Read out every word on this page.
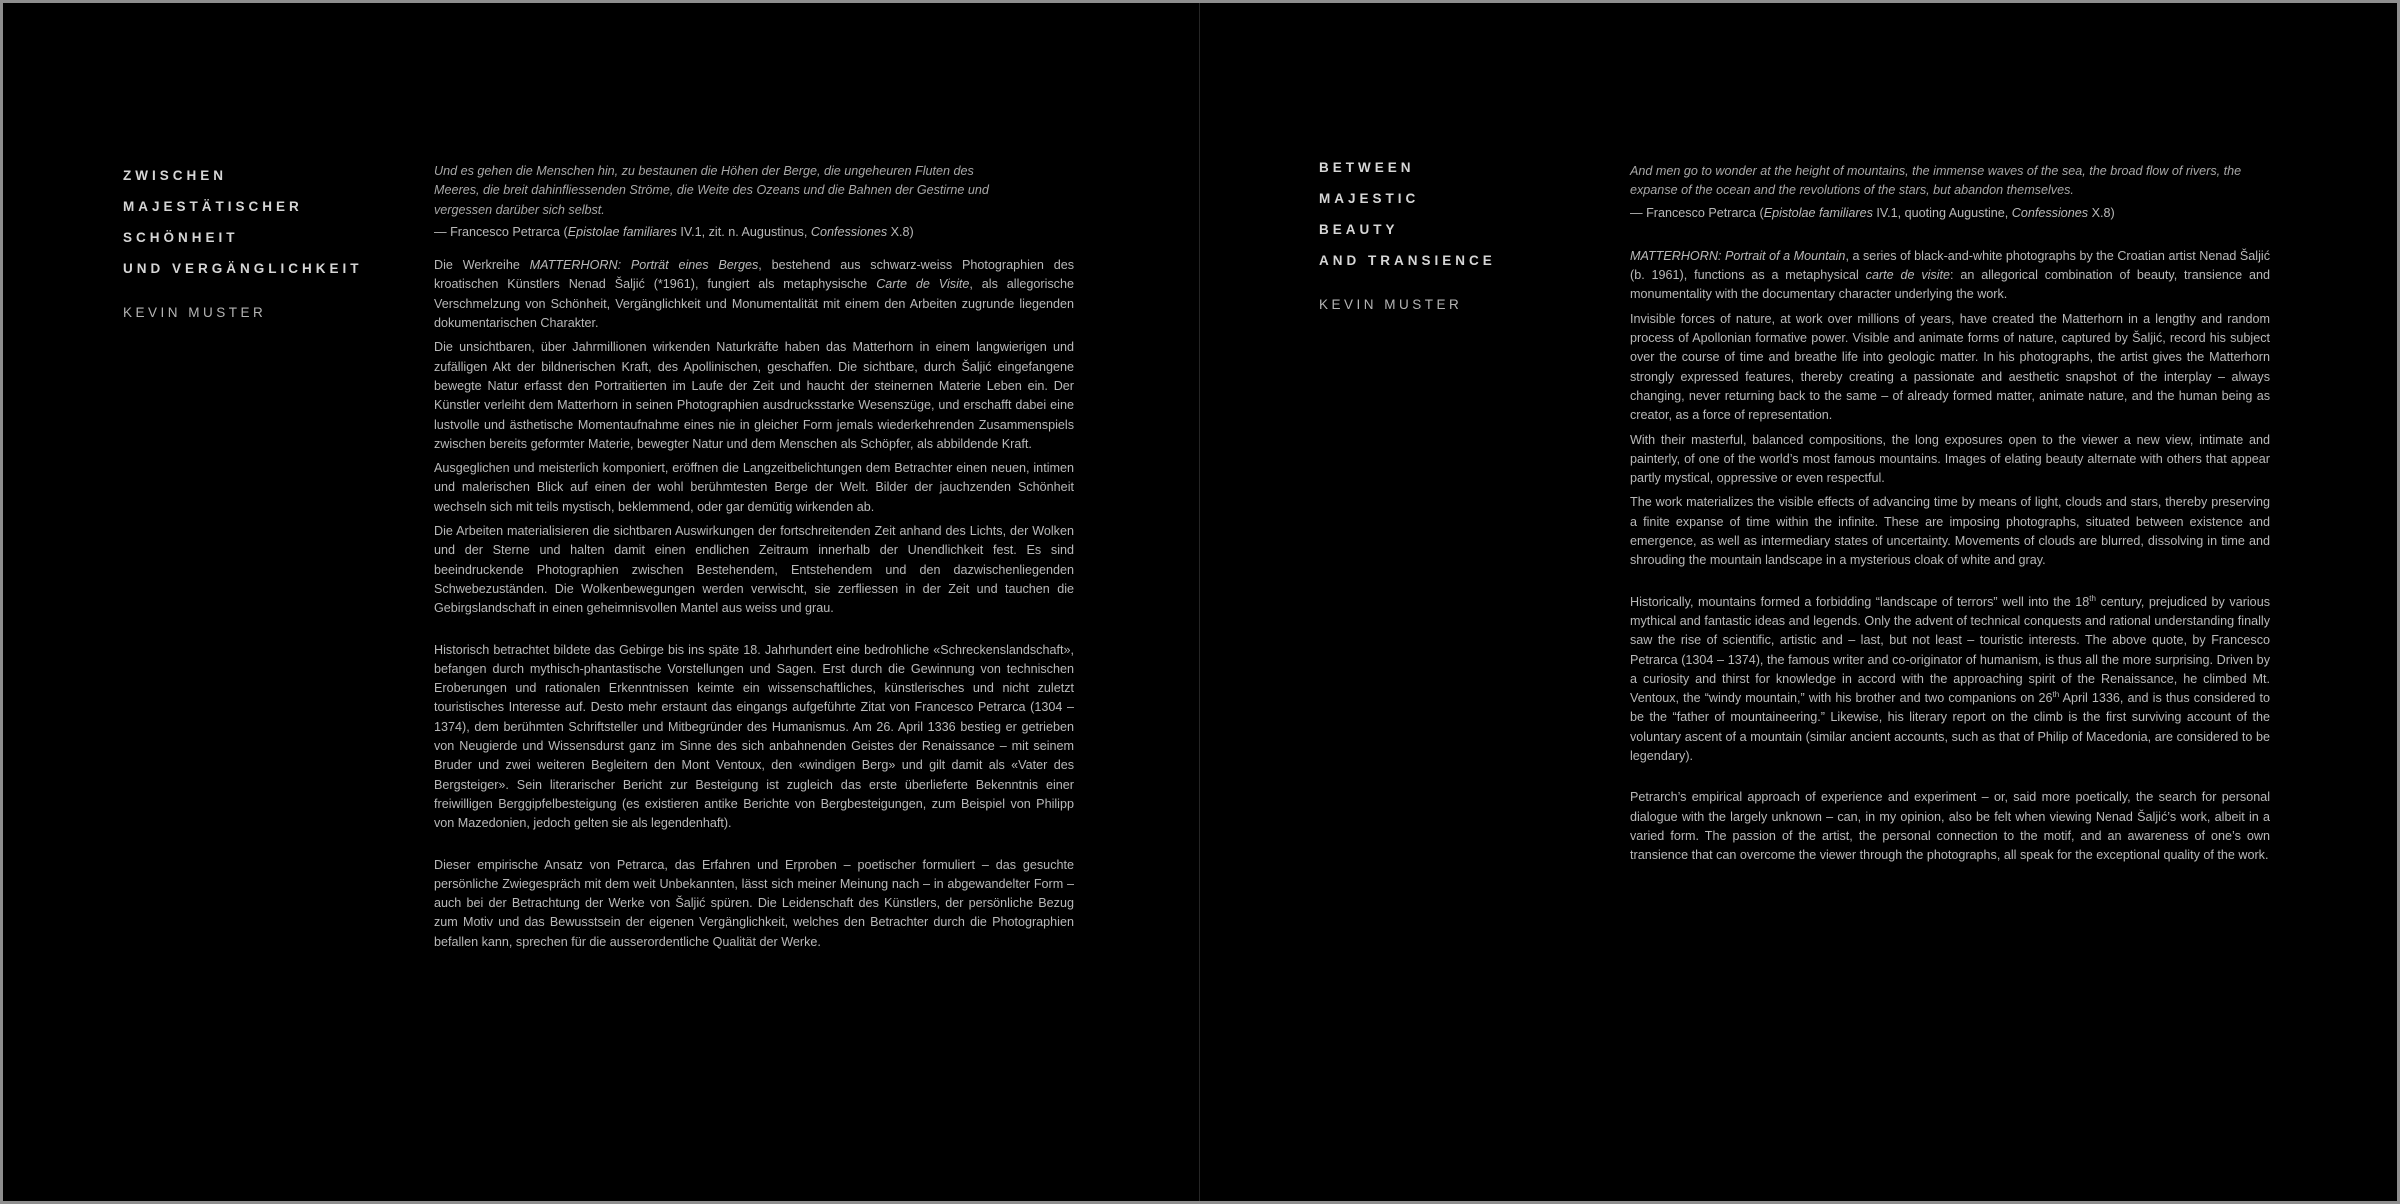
ZWISCHEN
MAJESTÄTISCHER
SCHÖNHEIT
UND VERGÄNGLICHKEIT
KEVIN MUSTER

Und es gehen die Menschen hin, zu bestaunen die Höhen der Berge, die ungeheuren Fluten des Meeres, die breit dahinfliessenden Ströme, die Weite des Ozeans und die Bahnen der Gestirne und vergessen darüber sich selbst.

— Francesco Petrarca (Epistolae familiares IV.1, zit. n. Augustinus, Confessiones X.8)

Die Werkreihe MATTERHORN: Porträt eines Berges, bestehend aus schwarz-weiss Photographien des kroatischen Künstlers Nenad Šaljić (*1961), fungiert als metaphysische Carte de Visite, als allegorische Verschmelzung von Schönheit, Vergänglichkeit und Monumentalität mit einem den Arbeiten zugrunde liegenden dokumentarischen Charakter.

Die unsichtbaren, über Jahrmillionen wirkenden Naturkräfte haben das Matterhorn in einem langwierigen und zufälligen Akt der bildnerischen Kraft, des Apollinischen, geschaffen. Die sichtbare, durch Šaljić eingefangene bewegte Natur erfasst den Portraitierten im Laufe der Zeit und haucht der steinernen Materie Leben ein. Der Künstler verleiht dem Matterhorn in seinen Photographien ausdrucksstarke Wesenszüge, und erschafft dabei eine lustvolle und ästhetische Momentaufnahme eines nie in gleicher Form jemals wiederkehrenden Zusammenspiels zwischen bereits geformter Materie, bewegter Natur und dem Menschen als Schöpfer, als abbildende Kraft.

Ausgeglichen und meisterlich komponiert, eröffnen die Langzeitbelichtungen dem Betrachter einen neuen, intimen und malerischen Blick auf einen der wohl berühmtesten Berge der Welt. Bilder der jauchzenden Schönheit wechseln sich mit teils mystisch, beklemmend, oder gar demütig wirkenden ab.

Die Arbeiten materialisieren die sichtbaren Auswirkungen der fortschreitenden Zeit anhand des Lichts, der Wolken und der Sterne und halten damit einen endlichen Zeitraum innerhalb der Unendlichkeit fest. Es sind beeindruckende Photographien zwischen Bestehendem, Entstehendem und den dazwischenliegenden Schwebezuständen. Die Wolkenbewegungen werden verwischt, sie zerfliessen in der Zeit und tauchen die Gebirgslandschaft in einen geheimnisvollen Mantel aus weiss und grau.

Historisch betrachtet bildete das Gebirge bis ins späte 18. Jahrhundert eine bedrohliche «Schreckenslandschaft», befangen durch mythisch-phantastische Vorstellungen und Sagen. Erst durch die Gewinnung von technischen Eroberungen und rationalen Erkenntnissen keimte ein wissenschaftliches, künstlerisches und nicht zuletzt touristisches Interesse auf. Desto mehr erstaunt das eingangs aufgeführte Zitat von Francesco Petrarca (1304 – 1374), dem berühmten Schriftsteller und Mitbegründer des Humanismus. Am 26. April 1336 bestieg er getrieben von Neugierde und Wissensdurst ganz im Sinne des sich anbahnenden Geistes der Renaissance – mit seinem Bruder und zwei weiteren Begleitern den Mont Ventoux, den «windigen Berg» und gilt damit als «Vater des Bergsteiger». Sein literarischer Bericht zur Besteigung ist zugleich das erste überlieferte Bekenntnis einer freiwilligen Berggipfelbesteigung (es existieren antike Berichte von Bergbesteigungen, zum Beispiel von Philipp von Mazedonien, jedoch gelten sie als legendenhaft).

Dieser empirische Ansatz von Petrarca, das Erfahren und Erproben – poetischer formuliert – das gesuchte persönliche Zwiegespräch mit dem weit Unbekannten, lässt sich meiner Meinung nach – in abgewandelter Form – auch bei der Betrachtung der Werke von Šaljić spüren. Die Leidenschaft des Künstlers, der persönliche Bezug zum Motiv und das Bewusstsein der eigenen Vergänglichkeit, welches den Betrachter durch die Photographien befallen kann, sprechen für die ausserordentliche Qualität der Werke.

BETWEEN
MAJESTIC
BEAUTY
AND TRANSIENCE
KEVIN MUSTER

And men go to wonder at the height of mountains, the immense waves of the sea, the broad flow of rivers, the expanse of the ocean and the revolutions of the stars, but abandon themselves.

— Francesco Petrarca (Epistolae familiares IV.1, quoting Augustine, Confessiones X.8)

MATTERHORN: Portrait of a Mountain, a series of black-and-white photographs by the Croatian artist Nenad Šaljić (b. 1961), functions as a metaphysical carte de visite: an allegorical combination of beauty, transience and monumentality with the documentary character underlying the work.

Invisible forces of nature, at work over millions of years, have created the Matterhorn in a lengthy and random process of Apollonian formative power. Visible and animate forms of nature, captured by Šaljić, record his subject over the course of time and breathe life into geologic matter. In his photographs, the artist gives the Matterhorn strongly expressed features, thereby creating a passionate and aesthetic snapshot of the interplay – always changing, never returning back to the same – of already formed matter, animate nature, and the human being as creator, as a force of representation.

With their masterful, balanced compositions, the long exposures open to the viewer a new view, intimate and painterly, of one of the world’s most famous mountains. Images of elating beauty alternate with others that appear partly mystical, oppressive or even respectful.

The work materializes the visible effects of advancing time by means of light, clouds and stars, thereby preserving a finite expanse of time within the infinite. These are imposing photographs, situated between existence and emergence, as well as intermediary states of uncertainty. Movements of clouds are blurred, dissolving in time and shrouding the mountain landscape in a mysterious cloak of white and gray.

Historically, mountains formed a forbidding “landscape of terrors” well into the 18th century, prejudiced by various mythical and fantastic ideas and legends. Only the advent of technical conquests and rational understanding finally saw the rise of scientific, artistic and – last, but not least – touristic interests. The above quote, by Francesco Petrarca (1304 – 1374), the famous writer and co-originator of humanism, is thus all the more surprising. Driven by a curiosity and thirst for knowledge in accord with the approaching spirit of the Renaissance, he climbed Mt. Ventoux, the “windy mountain,” with his brother and two companions on 26th April 1336, and is thus considered to be the “father of mountaineering.” Likewise, his literary report on the climb is the first surviving account of the voluntary ascent of a mountain (similar ancient accounts, such as that of Philip of Macedonia, are considered to be legendary).

Petrarch’s empirical approach of experience and experiment – or, said more poetically, the search for personal dialogue with the largely unknown – can, in my opinion, also be felt when viewing Nenad Šaljić’s work, albeit in a varied form. The passion of the artist, the personal connection to the motif, and an awareness of one’s own transience that can overcome the viewer through the photographs, all speak for the exceptional quality of the work.
